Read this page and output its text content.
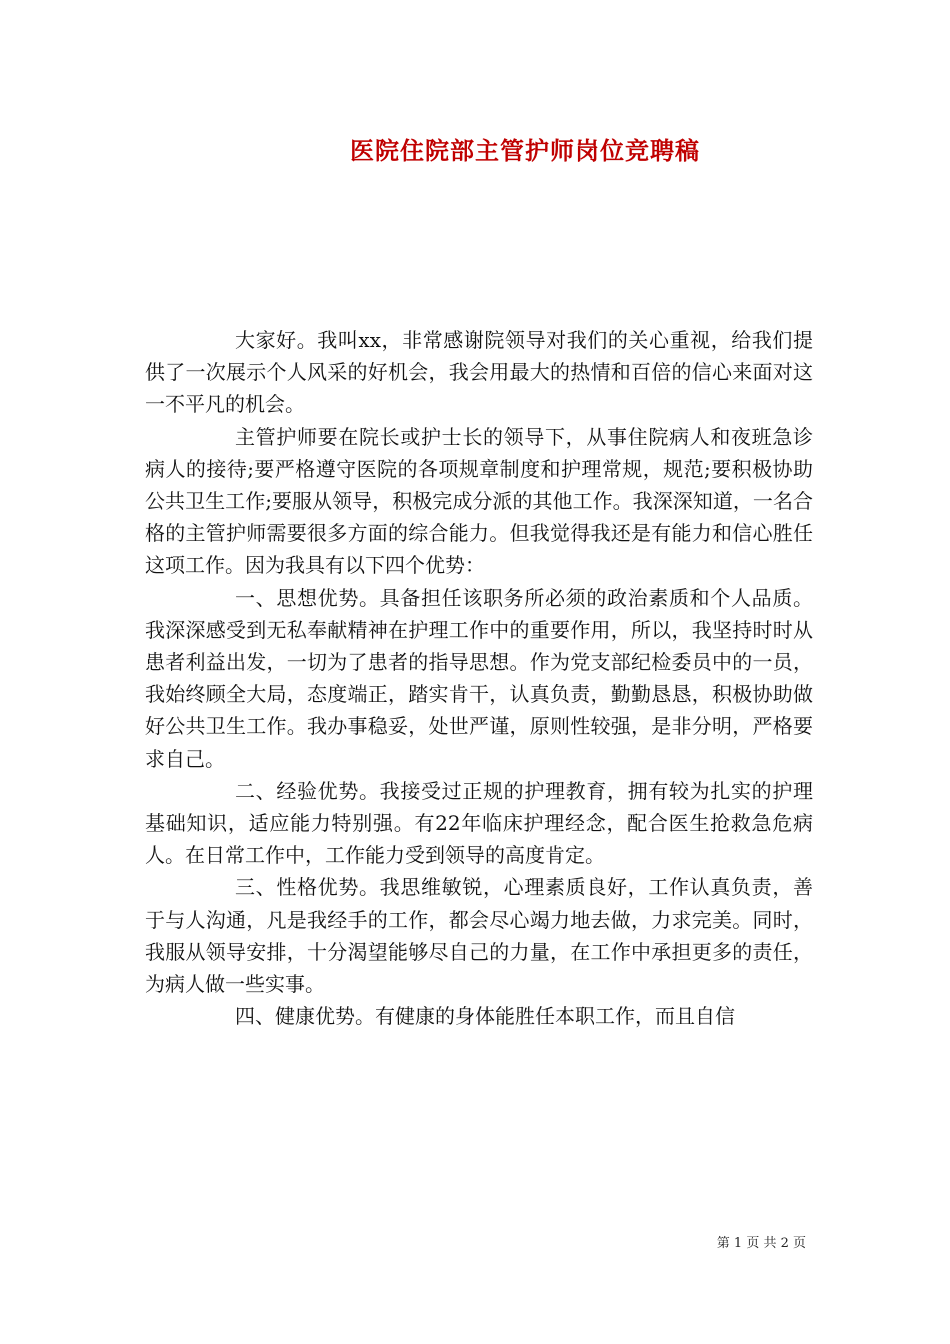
医院住院部主管护师岗位竞聘稿

大家好。我叫xx，非常感谢院领导对我们的关心重视，给我们提供了一次展示个人风采的好机会，我会用最大的热情和百倍的信心来面对这一不平凡的机会。

主管护师要在院长或护士长的领导下，从事住院病人和夜班急诊病人的接待;要严格遵守医院的各项规章制度和护理常规，规范;要积极协助公共卫生工作;要服从领导，积极完成分派的其他工作。我深深知道，一名合格的主管护师需要很多方面的综合能力。但我觉得我还是有能力和信心胜任这项工作。因为我具有以下四个优势：

一、思想优势。具备担任该职务所必须的政治素质和个人品质。我深深感受到无私奉献精神在护理工作中的重要作用，所以，我坚持时时从患者利益出发，一切为了患者的指导思想。作为党支部纪检委员中的一员，我始终顾全大局，态度端正，踏实肯干，认真负责，勤勤恳恳，积极协助做好公共卫生工作。我办事稳妥，处世严谨，原则性较强，是非分明，严格要求自己。

二、经验优势。我接受过正规的护理教育，拥有较为扎实的护理基础知识，适应能力特别强。有22年临床护理经念，配合医生抢救急危病人。在日常工作中，工作能力受到领导的高度肯定。

三、性格优势。我思维敏锐，心理素质良好，工作认真负责，善于与人沟通，凡是我经手的工作，都会尽心竭力地去做，力求完美。同时，我服从领导安排，十分渴望能够尽自己的力量，在工作中承担更多的责任，为病人做一些实事。

四、健康优势。有健康的身体能胜任本职工作，而且自信

第 1 页 共 2 页
